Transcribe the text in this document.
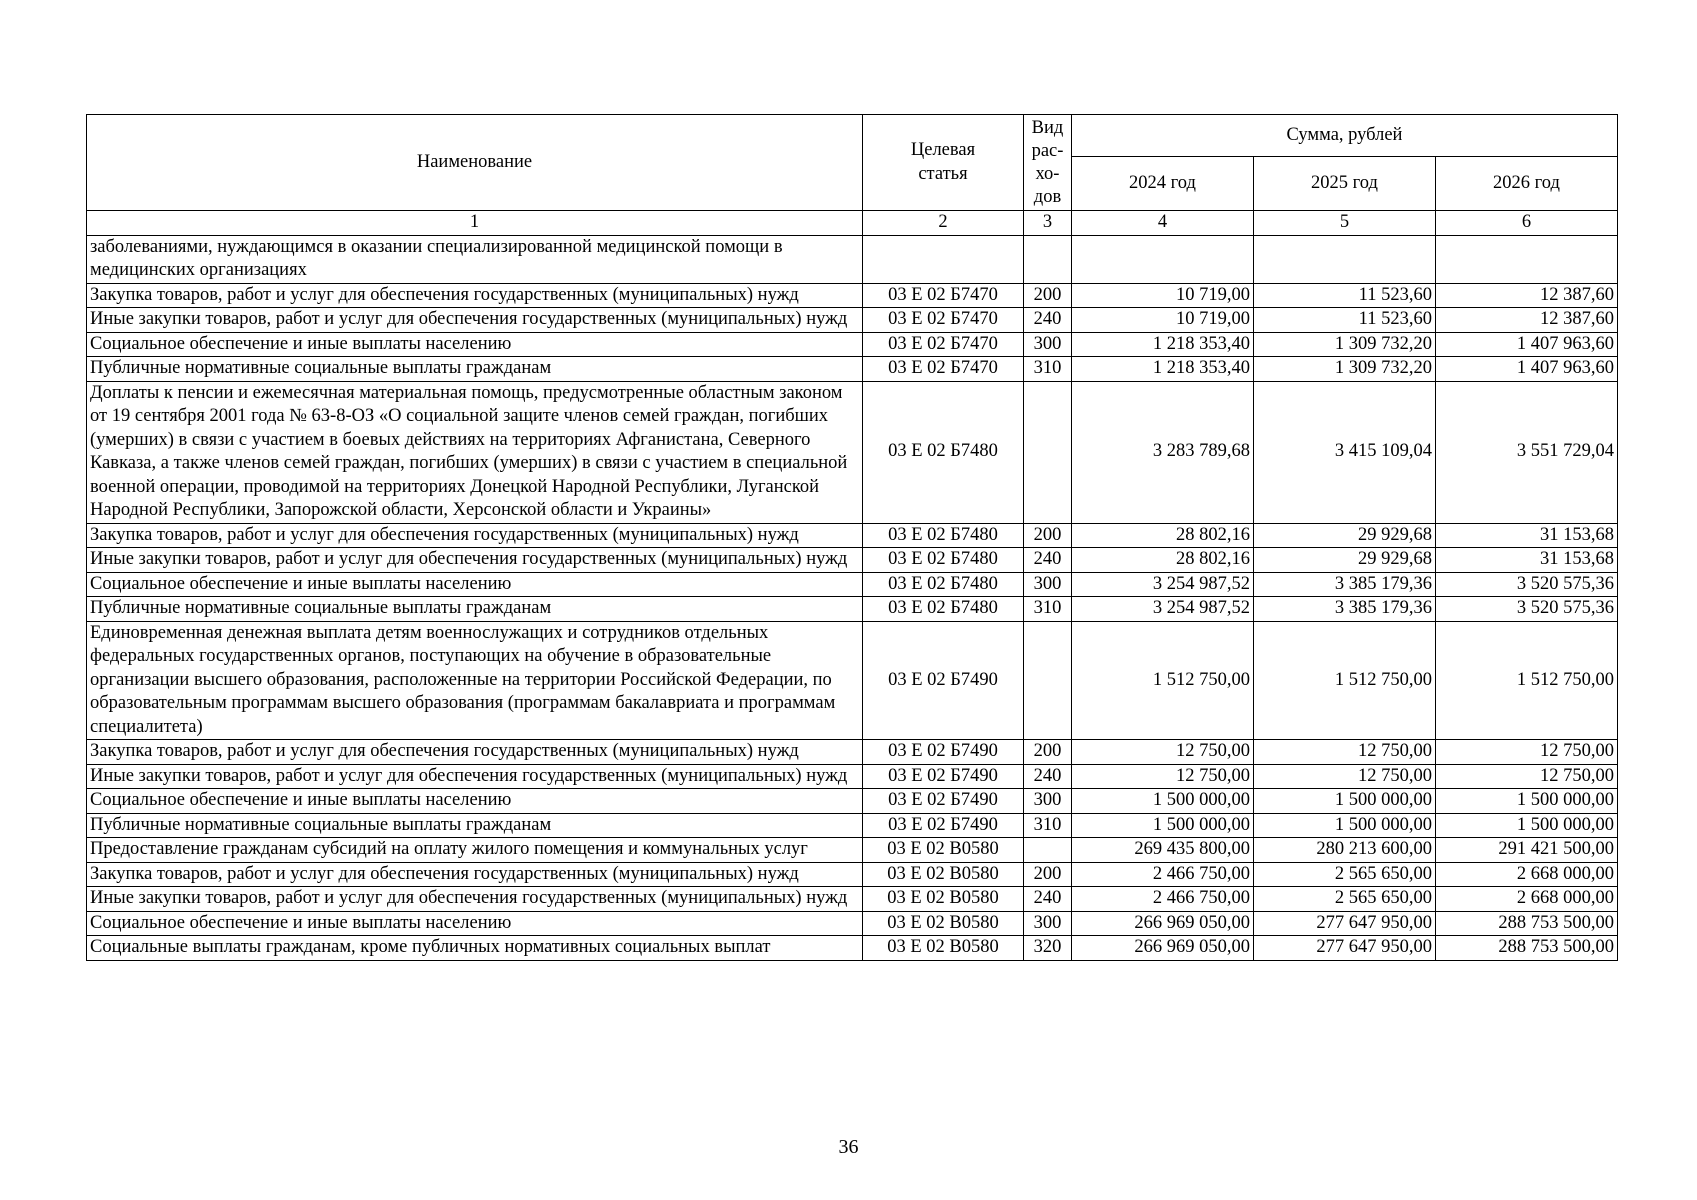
Наименование	Целевая статья	Вид рас-хо-дов	Сумма, рублей		
			2024 год	2025 год	2026 год
1	2	3	4	5	6
заболеваниями, нуждающимся в оказании специализированной медицинской помощи в медицинских организациях					
Закупка товаров, работ и услуг для обеспечения государственных (муниципальных) нужд	03 Е 02 Б7470	200	10 719,00	11 523,60	12 387,60
Иные закупки товаров, работ и услуг для обеспечения государственных (муниципальных) нужд	03 Е 02 Б7470	240	10 719,00	11 523,60	12 387,60
Социальное обеспечение и иные выплаты населению	03 Е 02 Б7470	300	1 218 353,40	1 309 732,20	1 407 963,60
Публичные нормативные социальные выплаты гражданам	03 Е 02 Б7470	310	1 218 353,40	1 309 732,20	1 407 963,60
Доплаты к пенсии и ежемесячная материальная помощь, предусмотренные областным законом от 19 сентября 2001 года № 63-8-ОЗ «О социальной защите членов семей граждан, погибших (умерших) в связи с участием в боевых действиях на территориях Афганистана, Северного Кавказа, а также членов семей граждан, погибших (умерших) в связи с участием в специальной военной операции, проводимой на территориях Донецкой Народной Республики, Луганской Народной Республики, Запорожской области, Херсонской области и Украины»	03 Е 02 Б7480		3 283 789,68	3 415 109,04	3 551 729,04
Закупка товаров, работ и услуг для обеспечения государственных (муниципальных) нужд	03 Е 02 Б7480	200	28 802,16	29 929,68	31 153,68
Иные закупки товаров, работ и услуг для обеспечения государственных (муниципальных) нужд	03 Е 02 Б7480	240	28 802,16	29 929,68	31 153,68
Социальное обеспечение и иные выплаты населению	03 Е 02 Б7480	300	3 254 987,52	3 385 179,36	3 520 575,36
Публичные нормативные социальные выплаты гражданам	03 Е 02 Б7480	310	3 254 987,52	3 385 179,36	3 520 575,36
Единовременная денежная выплата детям военнослужащих и сотрудников отдельных федеральных государственных органов, поступающих на обучение в образовательные организации высшего образования, расположенные на территории Российской Федерации, по образовательным программам высшего образования (программам бакалавриата и программам специалитета)	03 Е 02 Б7490		1 512 750,00	1 512 750,00	1 512 750,00
Закупка товаров, работ и услуг для обеспечения государственных (муниципальных) нужд	03 Е 02 Б7490	200	12 750,00	12 750,00	12 750,00
Иные закупки товаров, работ и услуг для обеспечения государственных (муниципальных) нужд	03 Е 02 Б7490	240	12 750,00	12 750,00	12 750,00
Социальное обеспечение и иные выплаты населению	03 Е 02 Б7490	300	1 500 000,00	1 500 000,00	1 500 000,00
Публичные нормативные социальные выплаты гражданам	03 Е 02 Б7490	310	1 500 000,00	1 500 000,00	1 500 000,00
Предоставление гражданам субсидий на оплату жилого помещения и коммунальных услуг	03 Е 02 В0580		269 435 800,00	280 213 600,00	291 421 500,00
Закупка товаров, работ и услуг для обеспечения государственных (муниципальных) нужд	03 Е 02 В0580	200	2 466 750,00	2 565 650,00	2 668 000,00
Иные закупки товаров, работ и услуг для обеспечения государственных (муниципальных) нужд	03 Е 02 В0580	240	2 466 750,00	2 565 650,00	2 668 000,00
Социальное обеспечение и иные выплаты населению	03 Е 02 В0580	300	266 969 050,00	277 647 950,00	288 753 500,00
Социальные выплаты гражданам, кроме публичных нормативных социальных выплат	03 Е 02 В0580	320	266 969 050,00	277 647 950,00	288 753 500,00
36
